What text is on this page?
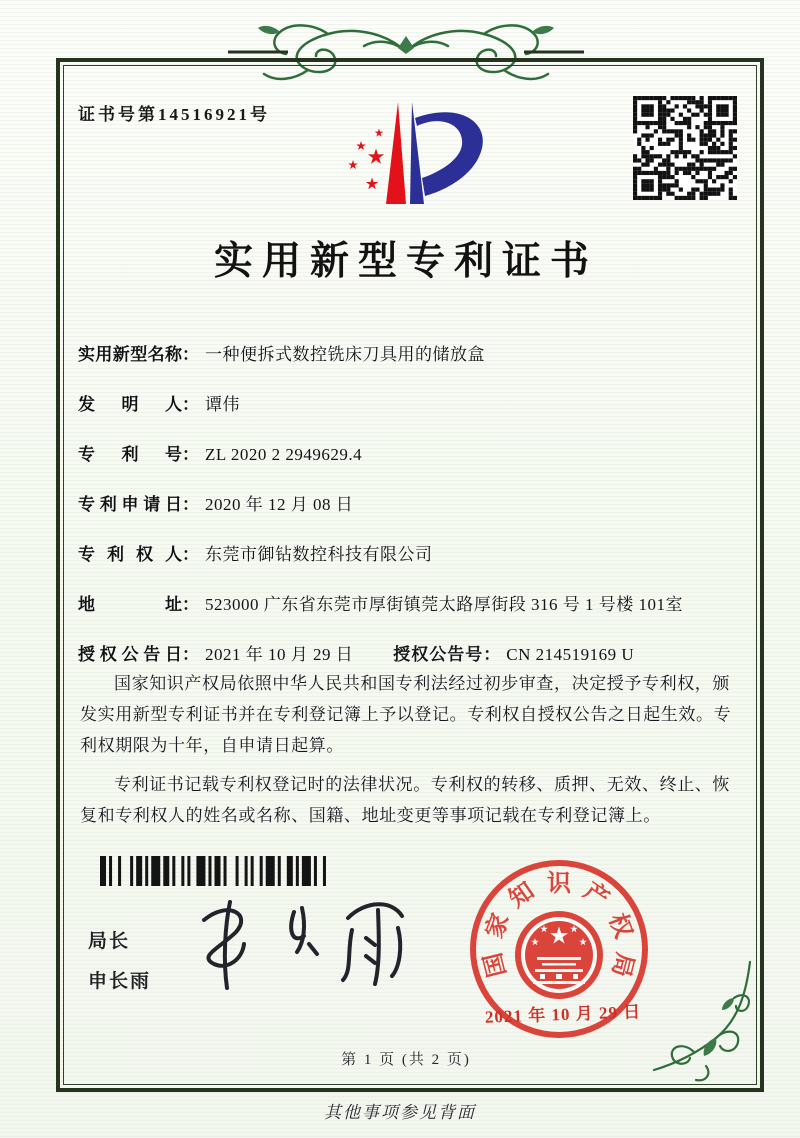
证书号第14516921号
实用新型专利证书
实用新型名称 ： 一种便拆式数控铣床刀具用的储放盒
发明人 ： 谭伟
专利号 ： ZL 2020 2 2949629.4
专利申请日 ： 2020 年 12 月 08 日
专利权人 ： 东莞市御钻数控科技有限公司
地址 ： 523000 广东省东莞市厚街镇莞太路厚街段 316 号 1 号楼 101室
授权公告日 ： 2021 年 10 月 29 日 授权公告号 ： CN 214519169 U

国家知识产权局依照中华人民共和国专利法经过初步审查，决定授予专利权，颁发实用新型专利证书并在专利登记簿上予以登记。专利权自授权公告之日起生效。专利权期限为十年，自申请日起算。

专利证书记载专利权登记时的法律状况。专利权的转移、质押、无效、终止、恢复和专利权人的姓名或名称、国籍、地址变更等事项记载在专利登记簿上。

局长
申长雨
国
家
知 识 产
权
局
2021 年 10 月 29 日
第 1 页 (共 2 页)
其他事项参见背面
